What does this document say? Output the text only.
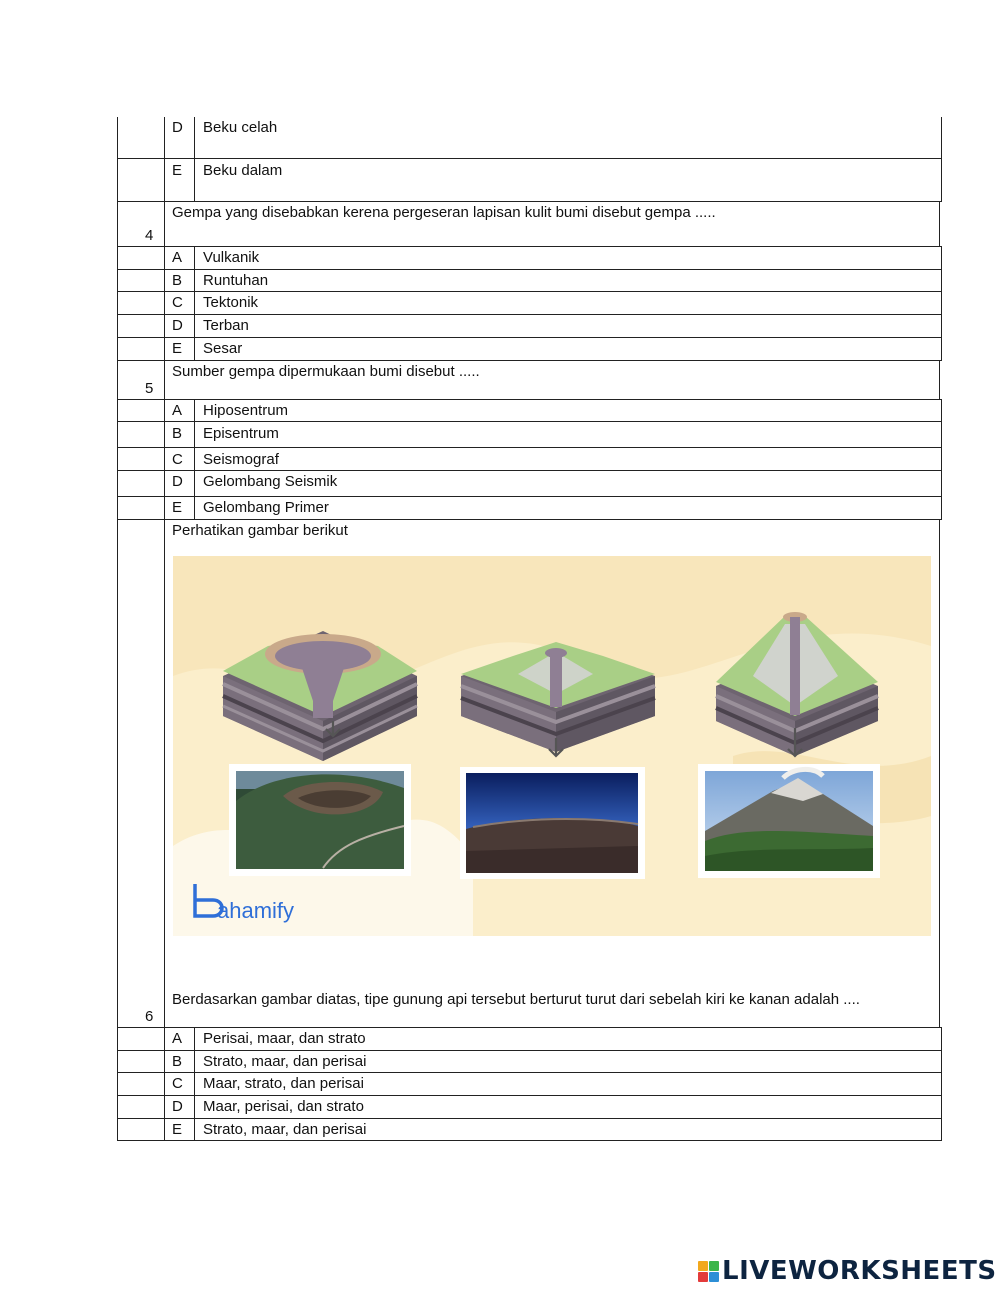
D Beku celah
E Beku dalam
4
Gempa yang disebabkan kerena pergeseran lapisan kulit bumi disebut gempa .....
A Vulkanik
B Runtuhan
C Tektonik
D Terban
E Sesar
5
Sumber gempa dipermukaan bumi disebut .....
A Hiposentrum
B Episentrum
C Seismograf
D Gelombang Seismik
E Gelombang Primer
Perhatikan gambar berikut
ahamify
6
Berdasarkan gambar diatas, tipe gunung api tersebut berturut turut dari sebelah kiri ke kanan adalah ....
A Perisai, maar, dan strato
B Strato, maar, dan perisai
C Maar, strato, dan perisai
D Maar, perisai, dan strato
E Strato, maar, dan perisai
LIVEWORKSHEETS
